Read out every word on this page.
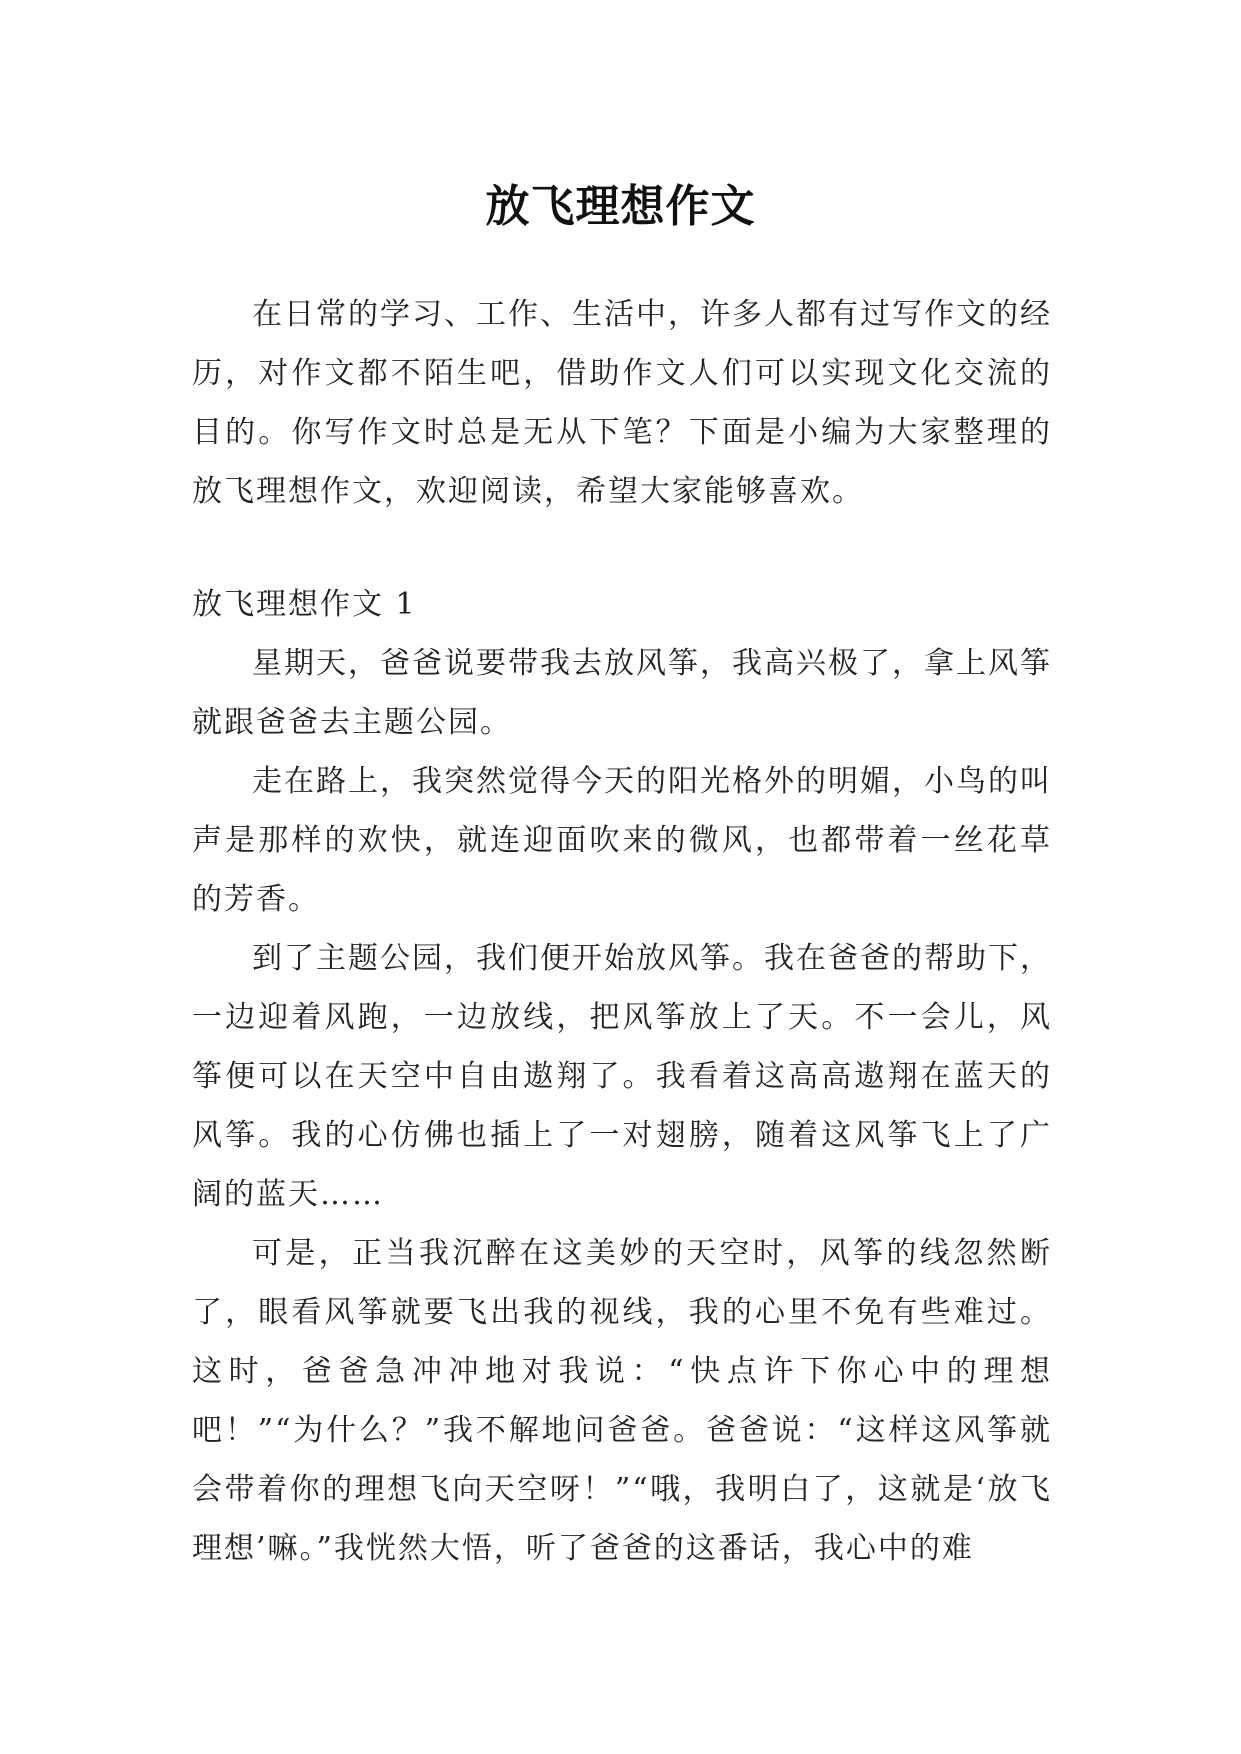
放飞理想作文

在日常的学习、工作、生活中，许多人都有过写作文的经历，对作文都不陌生吧，借助作文人们可以实现文化交流的目的。你写作文时总是无从下笔？下面是小编为大家整理的放飞理想作文，欢迎阅读，希望大家能够喜欢。

放飞理想作文 1

星期天，爸爸说要带我去放风筝，我高兴极了，拿上风筝就跟爸爸去主题公园。

走在路上，我突然觉得今天的阳光格外的明媚，小鸟的叫声是那样的欢快，就连迎面吹来的微风，也都带着一丝花草的芳香。

到了主题公园，我们便开始放风筝。我在爸爸的帮助下，一边迎着风跑，一边放线，把风筝放上了天。不一会儿，风筝便可以在天空中自由遨翔了。我看着这高高遨翔在蓝天的风筝。我的心仿佛也插上了一对翅膀，随着这风筝飞上了广阔的蓝天……

可是，正当我沉醉在这美妙的天空时，风筝的线忽然断了，眼看风筝就要飞出我的视线，我的心里不免有些难过。这时，爸爸急冲冲地对我说：“快点许下你心中的理想吧！”“为什么？”我不解地问爸爸。爸爸说：“这样这风筝就会带着你的理想飞向天空呀！”“哦，我明白了，这就是‘放飞理想’嘛。”我恍然大悟，听了爸爸的这番话，我心中的难
